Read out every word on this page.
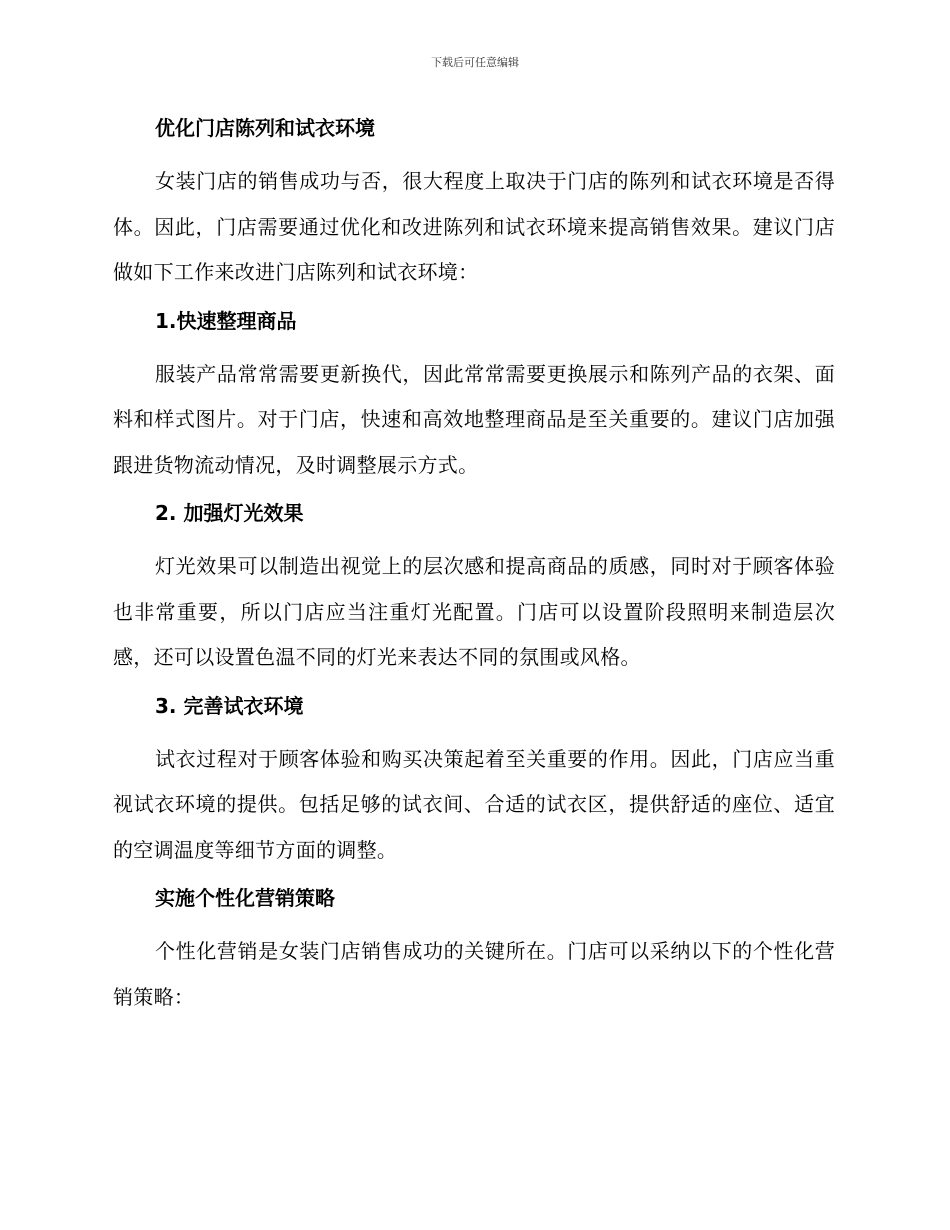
下载后可任意编辑
优化门店陈列和试衣环境

女装门店的销售成功与否，很大程度上取决于门店的陈列和试衣环境是否得体。因此，门店需要通过优化和改进陈列和试衣环境来提高销售效果。建议门店做如下工作来改进门店陈列和试衣环境：

1.快速整理商品

服装产品常常需要更新换代，因此常常需要更换展示和陈列产品的衣架、面料和样式图片。对于门店，快速和高效地整理商品是至关重要的。建议门店加强跟进货物流动情况，及时调整展示方式。

2. 加强灯光效果

灯光效果可以制造出视觉上的层次感和提高商品的质感，同时对于顾客体验也非常重要，所以门店应当注重灯光配置。门店可以设置阶段照明来制造层次感，还可以设置色温不同的灯光来表达不同的氛围或风格。

3. 完善试衣环境

试衣过程对于顾客体验和购买决策起着至关重要的作用。因此，门店应当重视试衣环境的提供。包括足够的试衣间、合适的试衣区，提供舒适的座位、适宜的空调温度等细节方面的调整。

实施个性化营销策略

个性化营销是女装门店销售成功的关键所在。门店可以采纳以下的个性化营销策略：
